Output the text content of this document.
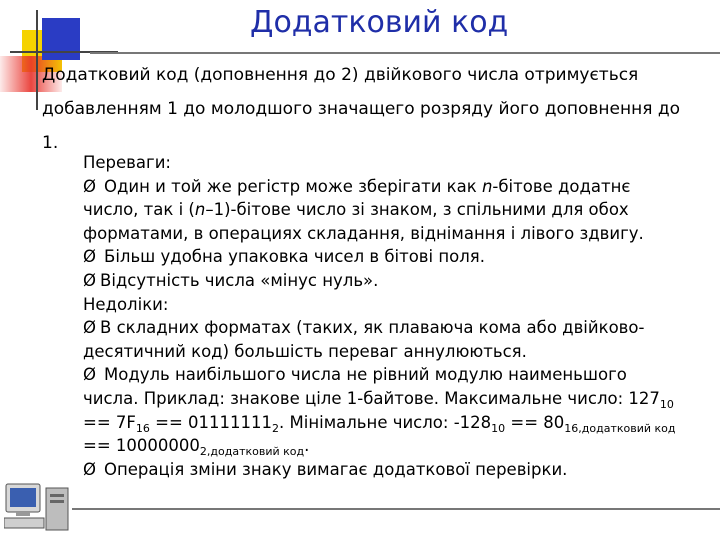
Додатковий код
Додатковий код (доповнення до 2) двійкового числа отримується
добавленням 1 до молодшого значащего розряду його доповнення до
1.
Переваги:
Ø Один и той же регістр може зберігати как n-бітове додатнє
число, так і (n–1)-бітове число зі знаком, з спільними для обох
форматами, в операциях складання, віднімання і лівого здвигу.
Ø Більш удобна упаковка чисел в бітові поля.
Ø Відсутність числа «мінус нуль».
Недоліки:
Ø В складних форматах (таких, як плаваюча кома або двійково-
десятичний код) большість переваг аннулюються.
Ø Модуль наибільшого числа не рівний модулю наименьшого
числа. Приклад: знакове ціле 1-байтове. Максимальне число: $127_{10}$
== $7F_{16} == 01111111_2$. Мінімальне число: $-128_{10} == 80_{16,додатковий код}$
== $10000000_{2,додатковий код}$.
Ø Операція зміни знаку вимагає додаткової перевірки.
